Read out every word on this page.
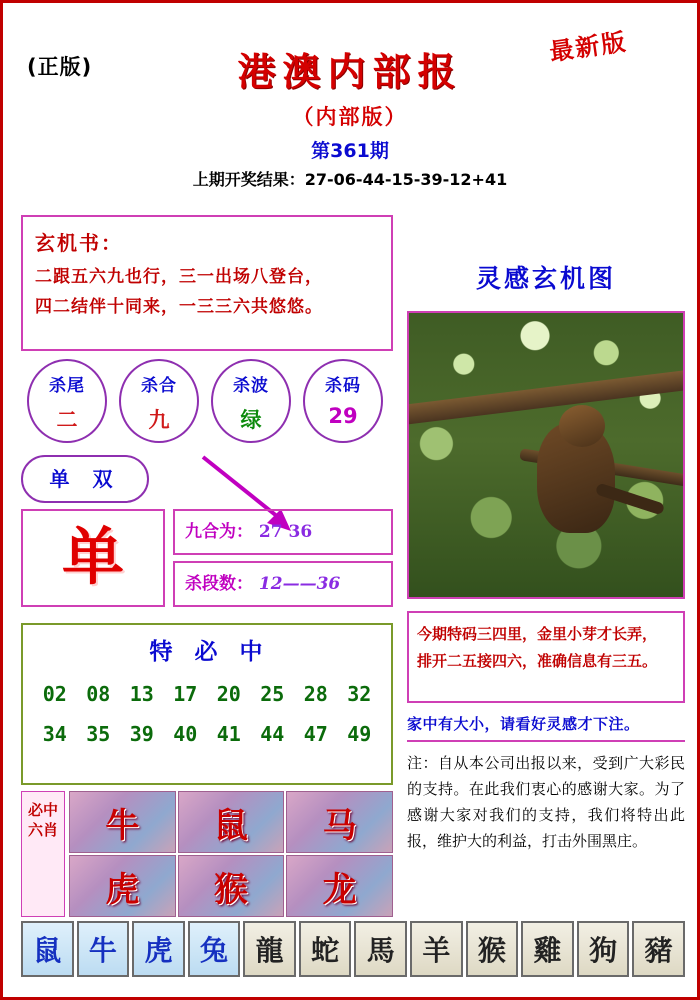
(正版)	港澳内部报
最新版
（内部版）
第361期
上期开奖结果：27-06-44-15-39-12+41
玄机书：
二跟五六九也行，三一出场八登台，
四二结伴十同来，一三三六共悠悠。
杀尾
二
杀合
九
杀波
绿
杀码
29
单 双
单	九合为： 27 36
杀段数： 12——36
特必中
02 08 13 17 20 25 28 32
34 35 39 40 41 44 47 49
必中六肖 牛 鼠 马
虎 猴 龙
灵感玄机图
今期特码三四里，金里小芽才长弄，
排开二五接四六，准确信息有三五。
家中有大小，请看好灵感才下注。
注：自从本公司出报以来，受到广大彩民的支持。在此我们衷心的感谢大家。为了感谢大家对我们的支持，我们将特出此报，维护大的利益，打击外围黑庄。
鼠 牛 虎 兔 龍 蛇 馬 羊 猴 雞 狗 豬
